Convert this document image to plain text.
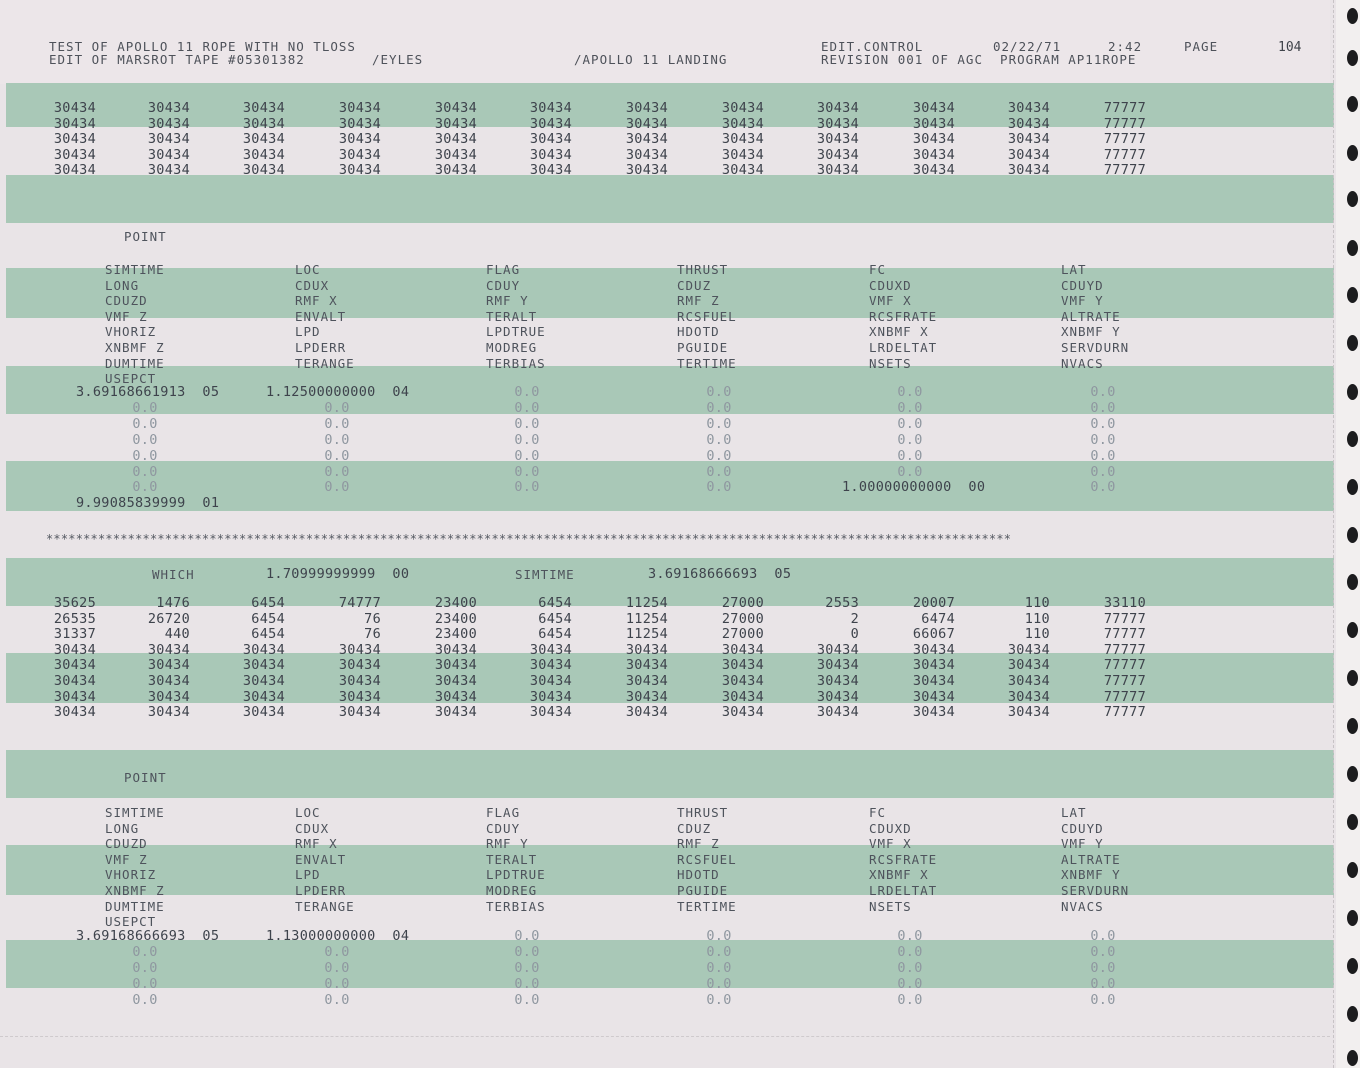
TEST OF APOLLO 11 ROPE WITH NO TLOSS
EDIT OF MARSROT TAPE #05301382	/EYLES	/APOLLO 11 LANDING
EDIT.CONTROL	02/22/71	2:42	PAGE	104
REVISION 001 OF AGC  PROGRAM AP11ROPE
30434	30434	30434	30434	30434	30434	30434	30434	30434	30434	30434	77777
30434	30434	30434	30434	30434	30434	30434	30434	30434	30434	30434	77777
30434	30434	30434	30434	30434	30434	30434	30434	30434	30434	30434	77777
30434	30434	30434	30434	30434	30434	30434	30434	30434	30434	30434	77777
30434	30434	30434	30434	30434	30434	30434	30434	30434	30434	30434	77777
POINT
SIMTIME	LOC	FLAG	THRUST	FC	LAT
LONG	CDUX	CDUY	CDUZ	CDUXD	CDUYD
CDUZD	RMF X	RMF Y	RMF Z	VMF X	VMF Y
VMF Z	ENVALT	TERALT	RCSFUEL	RCSFRATE	ALTRATE
VHORIZ	LPD	LPDTRUE	HDOTD	XNBMF X	XNBMF Y
XNBMF Z	LPDERR	MODREG	PGUIDE	LRDELTAT	SERVDURN
DUMTIME	TERANGE	TERBIAS	TERTIME	NSETS	NVACS
USEPCT
3.69168661913  05	1.12500000000  04	0.0	0.0	0.0	0.0
0.0	0.0	0.0	0.0	0.0	0.0
0.0	0.0	0.0	0.0	0.0	0.0
0.0	0.0	0.0	0.0	0.0	0.0
0.0	0.0	0.0	0.0	0.0	0.0
0.0	0.0	0.0	0.0	0.0	0.0
0.0	0.0	0.0	0.0	1.00000000000  00	0.0
9.99085839999  01
**********************************************************************************************************************************
WHICH	1.70999999999  00	SIMTIME	3.69168666693  05
35625	1476	6454	74777	23400	6454	11254	27000	2553	20007	110	33110
26535	26720	6454	76	23400	6454	11254	27000	2	6474	110	77777
31337	440	6454	76	23400	6454	11254	27000	0	66067	110	77777
30434	30434	30434	30434	30434	30434	30434	30434	30434	30434	30434	77777
30434	30434	30434	30434	30434	30434	30434	30434	30434	30434	30434	77777
30434	30434	30434	30434	30434	30434	30434	30434	30434	30434	30434	77777
30434	30434	30434	30434	30434	30434	30434	30434	30434	30434	30434	77777
30434	30434	30434	30434	30434	30434	30434	30434	30434	30434	30434	77777
POINT
SIMTIME	LOC	FLAG	THRUST	FC	LAT
LONG	CDUX	CDUY	CDUZ	CDUXD	CDUYD
CDUZD	RMF X	RMF Y	RMF Z	VMF X	VMF Y
VMF Z	ENVALT	TERALT	RCSFUEL	RCSFRATE	ALTRATE
VHORIZ	LPD	LPDTRUE	HDOTD	XNBMF X	XNBMF Y
XNBMF Z	LPDERR	MODREG	PGUIDE	LRDELTAT	SERVDURN
DUMTIME	TERANGE	TERBIAS	TERTIME	NSETS	NVACS
USEPCT
3.69168666693  05	1.13000000000  04	0.0	0.0	0.0	0.0
0.0	0.0	0.0	0.0	0.0	0.0
0.0	0.0	0.0	0.0	0.0	0.0
0.0	0.0	0.0	0.0	0.0	0.0
0.0	0.0	0.0	0.0	0.0	0.0
